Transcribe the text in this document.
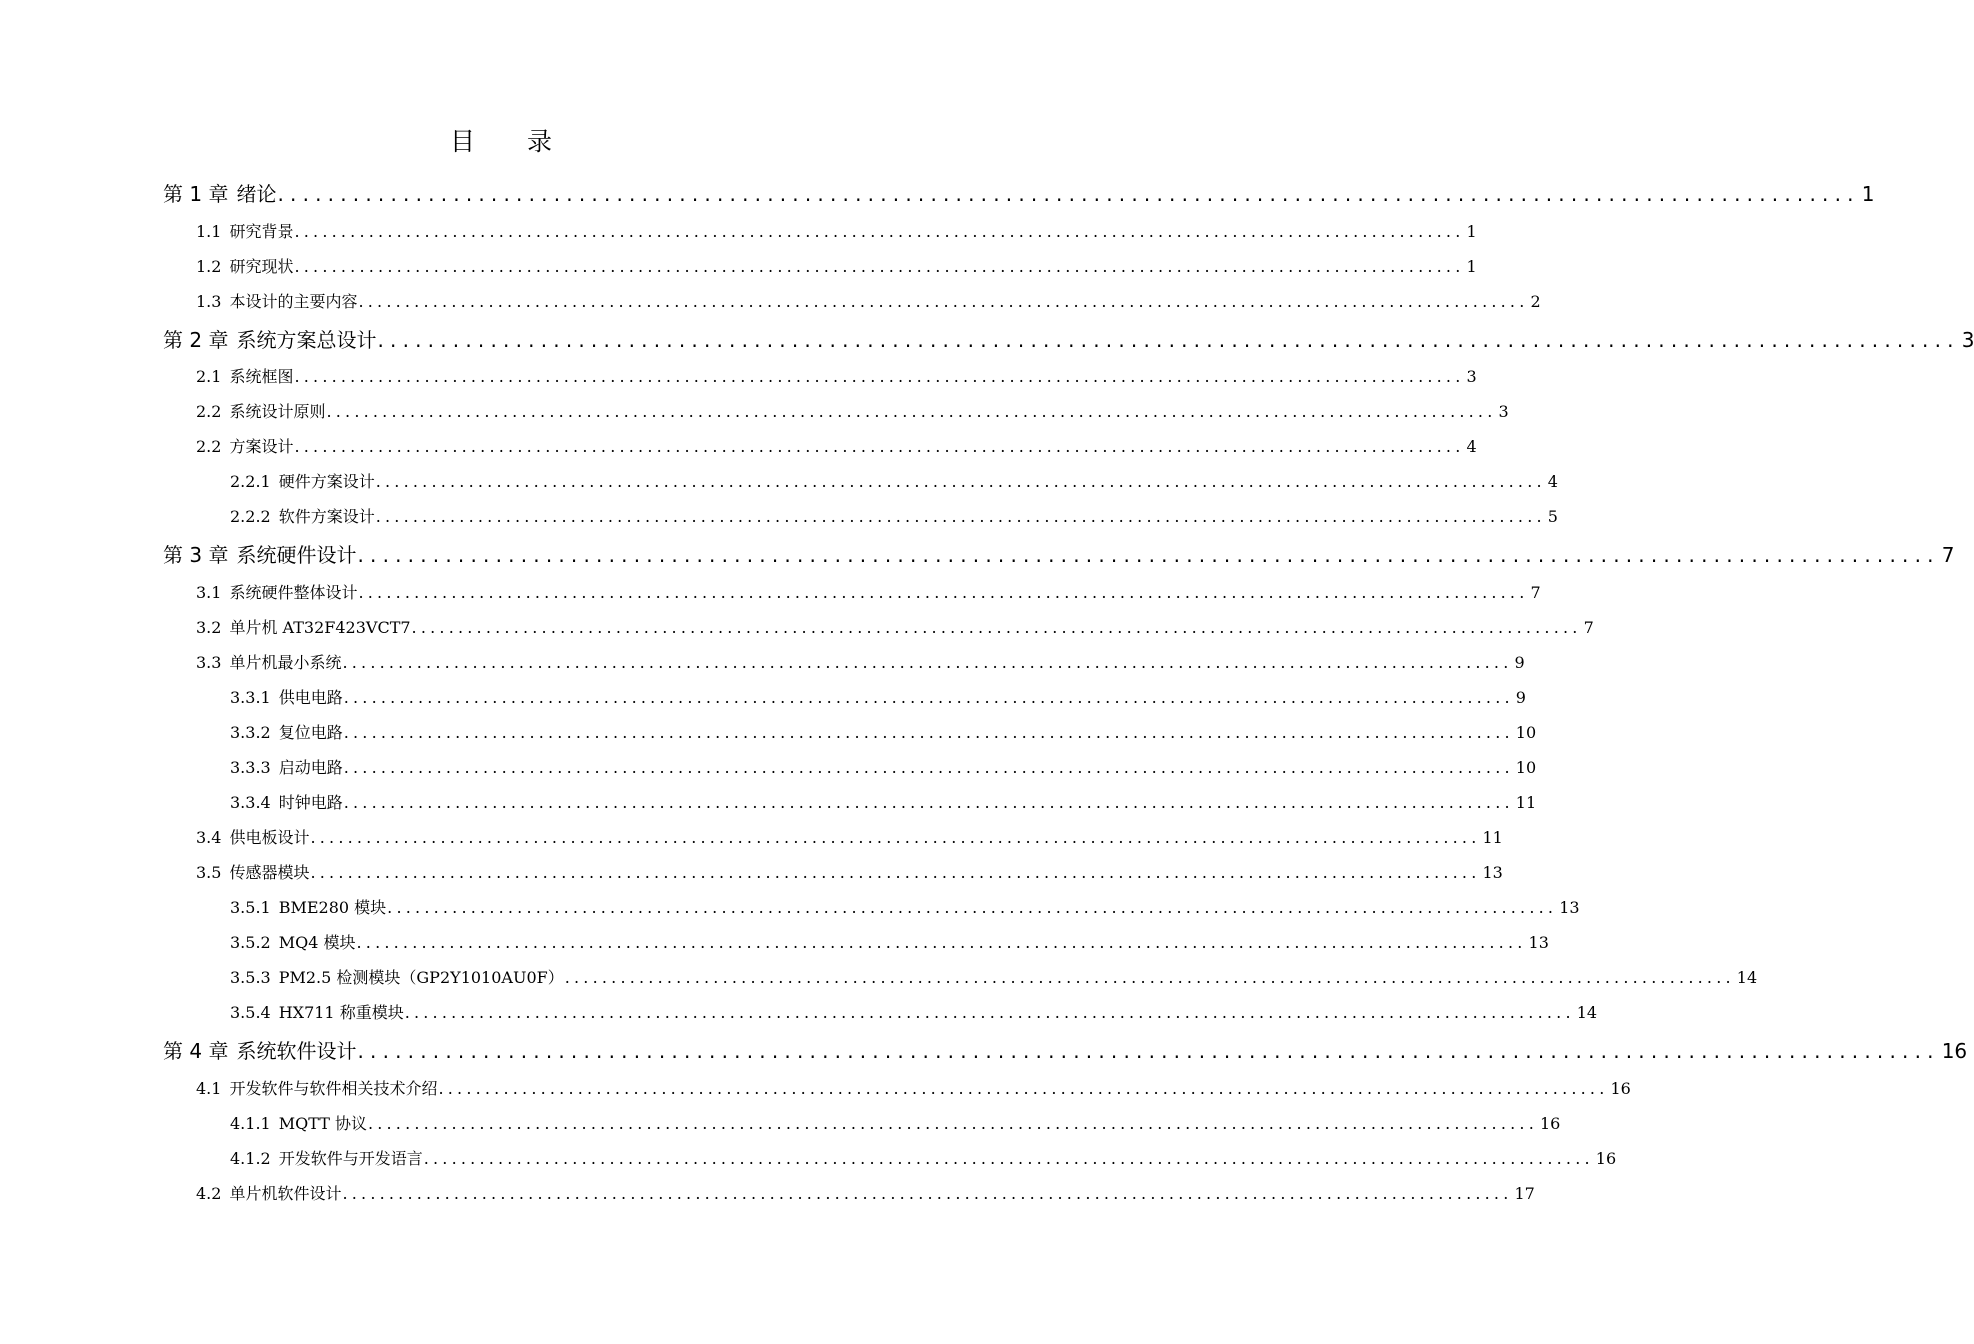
目 录
第 1 章 绪论 .............................................................................................................................. 1
1.1 研究背景 .............................................................................................................................. 1
1.2 研究现状 .............................................................................................................................. 1
1.3 本设计的主要内容 .............................................................................................................................. 2
第 2 章 系统方案总设计 .............................................................................................................................. 3
2.1 系统框图 .............................................................................................................................. 3
2.2 系统设计原则 .............................................................................................................................. 3
2.2 方案设计 .............................................................................................................................. 4
2.2.1 硬件方案设计 .............................................................................................................................. 4
2.2.2 软件方案设计 .............................................................................................................................. 5
第 3 章 系统硬件设计 .............................................................................................................................. 7
3.1 系统硬件整体设计 .............................................................................................................................. 7
3.2 单片机 AT32F423VCT7 .............................................................................................................................. 7
3.3 单片机最小系统 .............................................................................................................................. 9
3.3.1 供电电路 .............................................................................................................................. 9
3.3.2 复位电路 .............................................................................................................................. 10
3.3.3 启动电路 .............................................................................................................................. 10
3.3.4 时钟电路 .............................................................................................................................. 11
3.4 供电板设计 .............................................................................................................................. 11
3.5 传感器模块 .............................................................................................................................. 13
3.5.1 BME280 模块 .............................................................................................................................. 13
3.5.2 MQ4 模块 .............................................................................................................................. 13
3.5.3 PM2.5 检测模块（GP2Y1010AU0F） .............................................................................................................................. 14
3.5.4 HX711 称重模块 .............................................................................................................................. 14
第 4 章 系统软件设计 .............................................................................................................................. 16
4.1 开发软件与软件相关技术介绍 .............................................................................................................................. 16
4.1.1 MQTT 协议 .............................................................................................................................. 16
4.1.2 开发软件与开发语言 .............................................................................................................................. 16
4.2 单片机软件设计 .............................................................................................................................. 17
